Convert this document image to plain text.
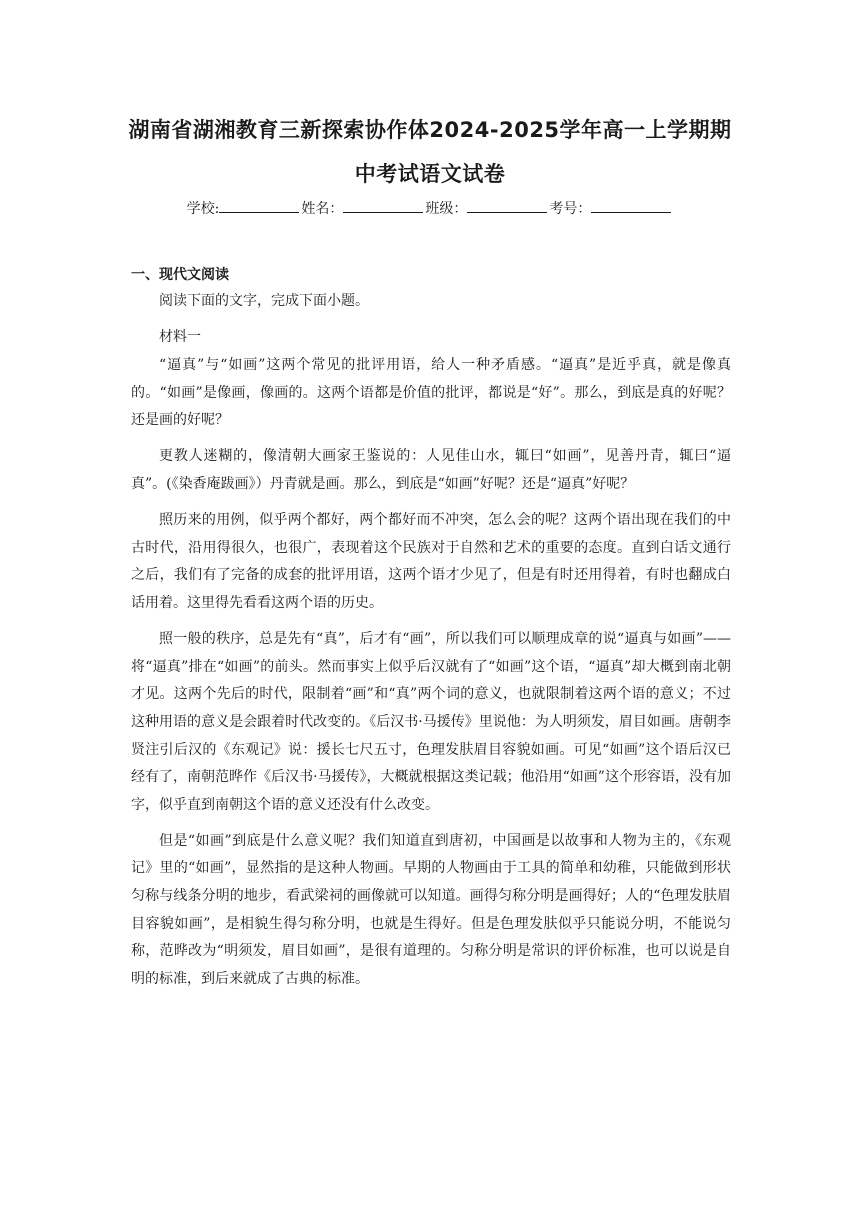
湖南省湖湘教育三新探索协作体2024-2025学年高一上学期期
中考试语文试卷
学校:	姓名：	班级：	考号：
一、现代文阅读

阅读下面的文字，完成下面小题。

材料一

“逼真”与“如画”这两个常见的批评用语，给人一种矛盾感。“逼真”是近乎真，就是像真的。“如画”是像画，像画的。这两个语都是价值的批评，都说是“好”。那么，到底是真的好呢？还是画的好呢？

更教人迷糊的，像清朝大画家王鉴说的：人见佳山水，辄曰“如画”，见善丹青，辄曰“逼真”。(《染香庵跋画》）丹青就是画。那么，到底是“如画”好呢？还是“逼真”好呢？

照历来的用例，似乎两个都好，两个都好而不冲突，怎么会的呢？这两个语出现在我们的中古时代，沿用得很久，也很广，表现着这个民族对于自然和艺术的重要的态度。直到白话文通行之后，我们有了完备的成套的批评用语，这两个语才少见了，但是有时还用得着，有时也翻成白话用着。这里得先看看这两个语的历史。

照一般的秩序，总是先有“真”，后才有“画”，所以我们可以顺理成章的说“逼真与如画”——将“逼真”排在“如画”的前头。然而事实上似乎后汉就有了“如画”这个语，“逼真”却大概到南北朝才见。这两个先后的时代，限制着“画”和“真”两个词的意义，也就限制着这两个语的意义；不过这种用语的意义是会跟着时代改变的。《后汉书·马援传》里说他：为人明须发，眉目如画。唐朝李贤注引后汉的《东观记》说：援长七尺五寸，色理发肤眉目容貌如画。可见“如画”这个语后汉已经有了，南朝范晔作《后汉书·马援传》，大概就根据这类记载；他沿用“如画”这个形容语，没有加字，似乎直到南朝这个语的意义还没有什么改变。

但是“如画”到底是什么意义呢？我们知道直到唐初，中国画是以故事和人物为主的，《东观记》里的“如画”，显然指的是这种人物画。早期的人物画由于工具的简单和幼稚，只能做到形状匀称与线条分明的地步，看武梁祠的画像就可以知道。画得匀称分明是画得好；人的“色理发肤眉目容貌如画”，是相貌生得匀称分明，也就是生得好。但是色理发肤似乎只能说分明，不能说匀称，范晔改为“明须发，眉目如画”，是很有道理的。匀称分明是常识的评价标准，也可以说是自明的标准，到后来就成了古典的标准。
